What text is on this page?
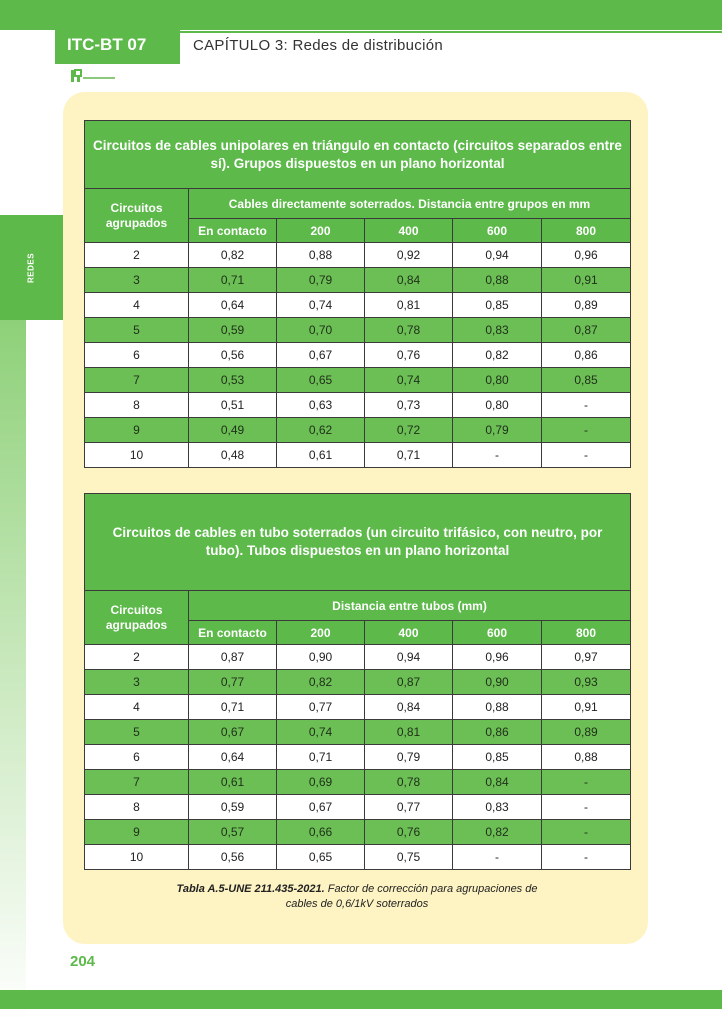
ITC-BT 07	CAPÍTULO 3: Redes de distribución
REDES
Circuitos de cables unipolares en triángulo en contacto (circuitos separados entre sí). Grupos dispuestos en un plano horizontal					
Circuitos agrupados	Cables directamente soterrados. Distancia entre grupos en mm				
	En contacto	200	400	600	800
2	0,82	0,88	0,92	0,94	0,96
3	0,71	0,79	0,84	0,88	0,91
4	0,64	0,74	0,81	0,85	0,89
5	0,59	0,70	0,78	0,83	0,87
6	0,56	0,67	0,76	0,82	0,86
7	0,53	0,65	0,74	0,80	0,85
8	0,51	0,63	0,73	0,80	-
9	0,49	0,62	0,72	0,79	-
10	0,48	0,61	0,71	-	-
Circuitos de cables en tubo soterrados (un circuito trifásico, con neutro, por tubo). Tubos dispuestos en un plano horizontal					
Circuitos agrupados	Distancia entre tubos (mm)				
	En contacto	200	400	600	800
2	0,87	0,90	0,94	0,96	0,97
3	0,77	0,82	0,87	0,90	0,93
4	0,71	0,77	0,84	0,88	0,91
5	0,67	0,74	0,81	0,86	0,89
6	0,64	0,71	0,79	0,85	0,88
7	0,61	0,69	0,78	0,84	-
8	0,59	0,67	0,77	0,83	-
9	0,57	0,66	0,76	0,82	-
10	0,56	0,65	0,75	-	-
Tabla A.5-UNE 211.435-2021. Factor de corrección para agrupaciones de
cables de 0,6/1kV soterrados
204
